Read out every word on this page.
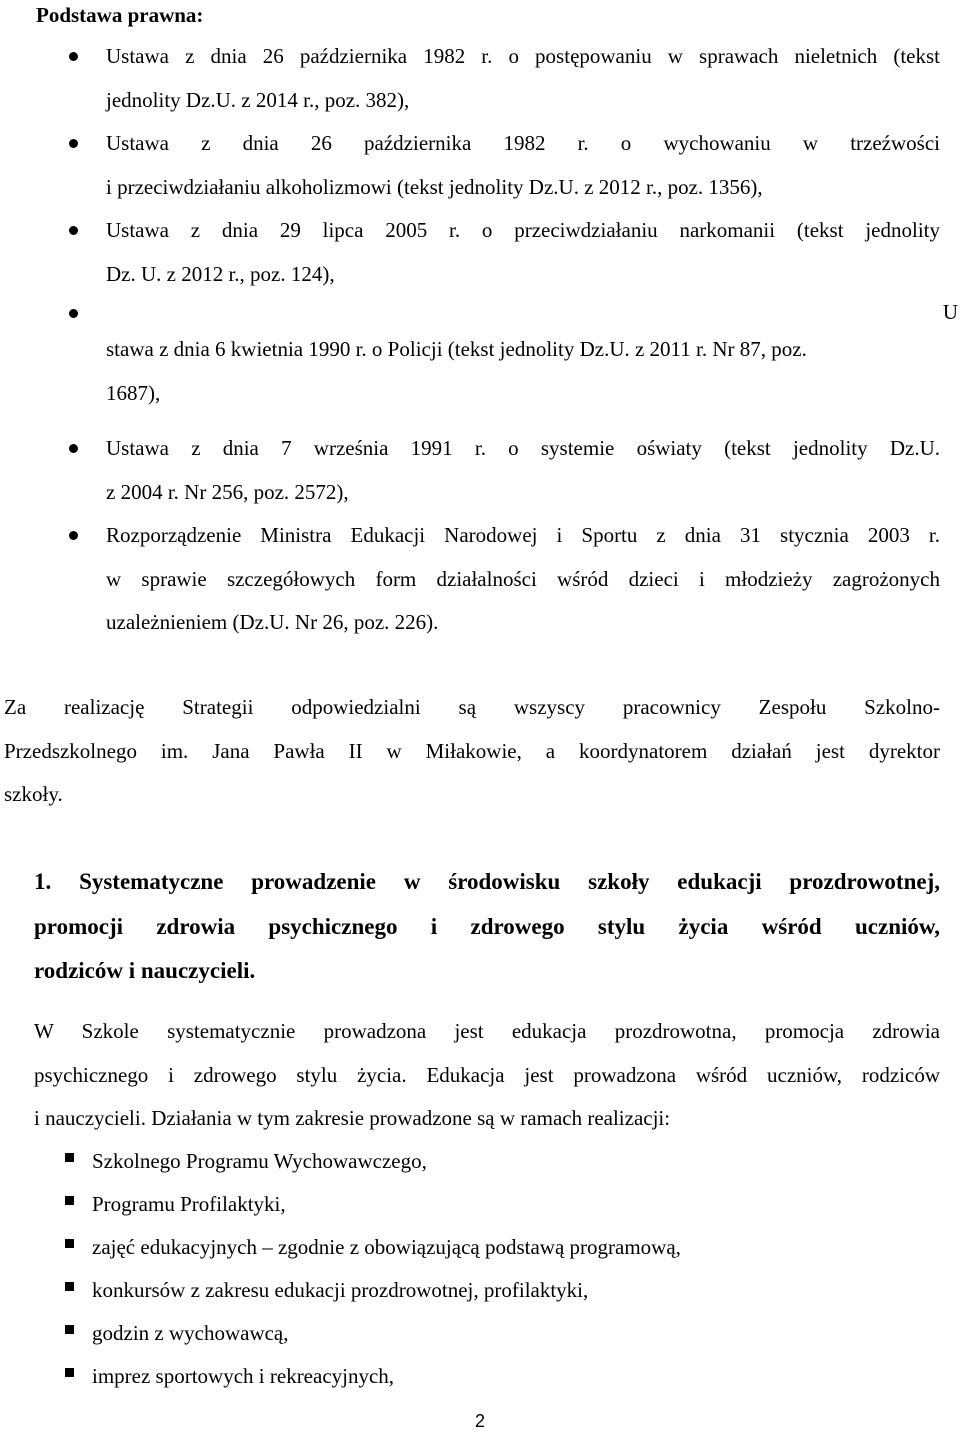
Podstawa prawna:
Ustawa z dnia 26 października 1982 r. o postępowaniu w sprawach nieletnich (tekst
jednolity Dz.U. z 2014 r., poz. 382),
Ustawa z dnia 26 października 1982 r. o wychowaniu w trzeźwości
i przeciwdziałaniu alkoholizmowi (tekst jednolity Dz.U. z 2012 r., poz. 1356),
Ustawa z dnia 29 lipca 2005 r. o przeciwdziałaniu narkomanii (tekst jednolity
Dz. U. z 2012 r., poz. 124),
stawa z dnia 6 kwietnia 1990 r. o Policji (tekst jednolity Dz.U. z 2011 r. Nr 87, poz.
1687),
U
Ustawa z dnia 7 września 1991 r. o systemie oświaty (tekst jednolity Dz.U.
z 2004 r. Nr 256, poz. 2572),
Rozporządzenie Ministra Edukacji Narodowej i Sportu z dnia 31 stycznia 2003 r.
w sprawie szczegółowych form działalności wśród dzieci i młodzieży zagrożonych
uzależnieniem (Dz.U. Nr 26, poz. 226).
Za realizację Strategii odpowiedzialni są wszyscy pracownicy Zespołu Szkolno-
Przedszkolnego im. Jana Pawła II w Miłakowie, a koordynatorem działań jest dyrektor
szkoły.
1. Systematyczne prowadzenie w środowisku szkoły edukacji prozdrowotnej,
promocji zdrowia psychicznego i zdrowego stylu życia wśród uczniów,
rodziców i nauczycieli.
W Szkole systematycznie prowadzona jest edukacja prozdrowotna, promocja zdrowia
psychicznego i zdrowego stylu życia. Edukacja jest prowadzona wśród uczniów, rodziców
i nauczycieli. Działania w tym zakresie prowadzone są w ramach realizacji:
Szkolnego Programu Wychowawczego,
Programu Profilaktyki,
zajęć edukacyjnych – zgodnie z obowiązującą podstawą programową,
konkursów z zakresu edukacji prozdrowotnej, profilaktyki,
godzin z wychowawcą,
imprez sportowych i rekreacyjnych,
2
